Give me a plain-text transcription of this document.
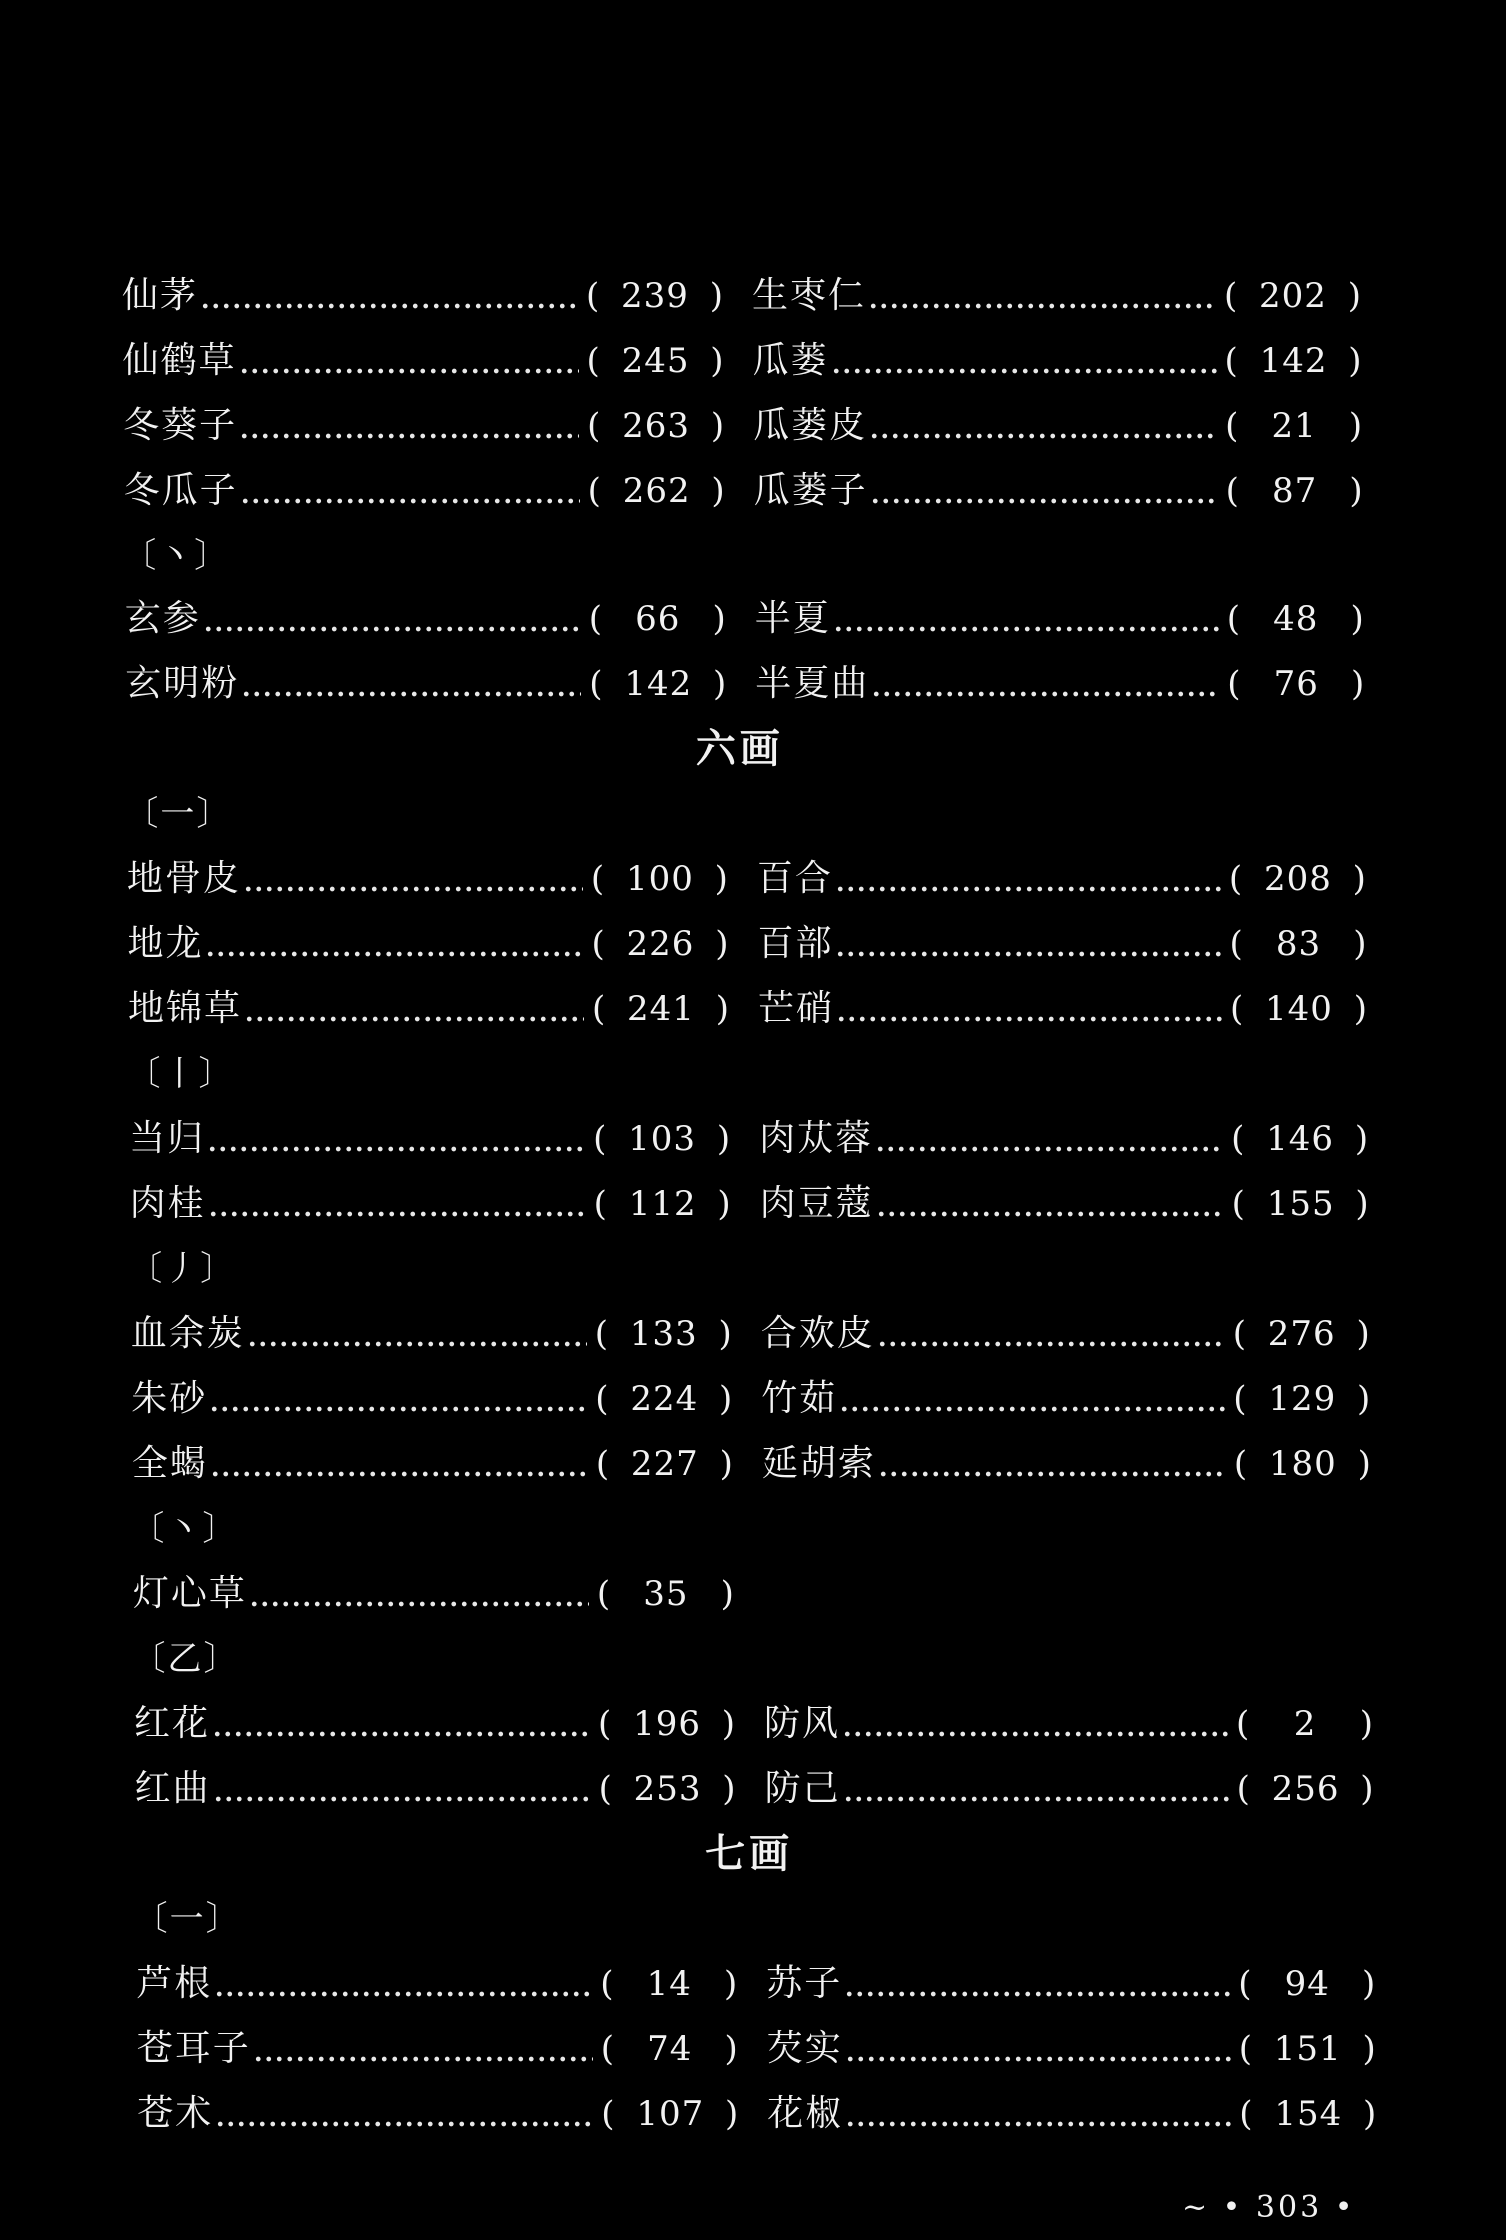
仙茅	( 239 ) 生枣仁	( 202 )
仙鹤草	( 245 ) 瓜蒌	( 142 )
冬葵子	( 263 ) 瓜蒌皮	( 21 )
冬瓜子	( 262 ) 瓜蒌子	( 87 )
〔丶〕
玄参	( 66 ) 半夏	( 48 )
玄明粉	( 142 ) 半夏曲	( 76 )
六画
〔一〕
地骨皮	( 100 ) 百合	( 208 )
地龙	( 226 ) 百部	( 83 )
地锦草	( 241 ) 芒硝	( 140 )
〔丨〕
当归	( 103 ) 肉苁蓉	( 146 )
肉桂	( 112 ) 肉豆蔻	( 155 )
〔丿〕
血余炭	( 133 ) 合欢皮	( 276 )
朱砂	( 224 ) 竹茹	( 129 )
全蝎	( 227 ) 延胡索	( 180 )
〔丶〕
灯心草	( 35 )
〔乙〕
红花	( 196 ) 防风	(	2	)
红曲	( 253 ) 防己	( 256 )
七画
〔一〕
芦根	( 14 ) 苏子	( 94 )
苍耳子	( 74 ) 芡实	( 151 )
苍术	( 107 ) 花椒	( 154 )
~ • 303 •
